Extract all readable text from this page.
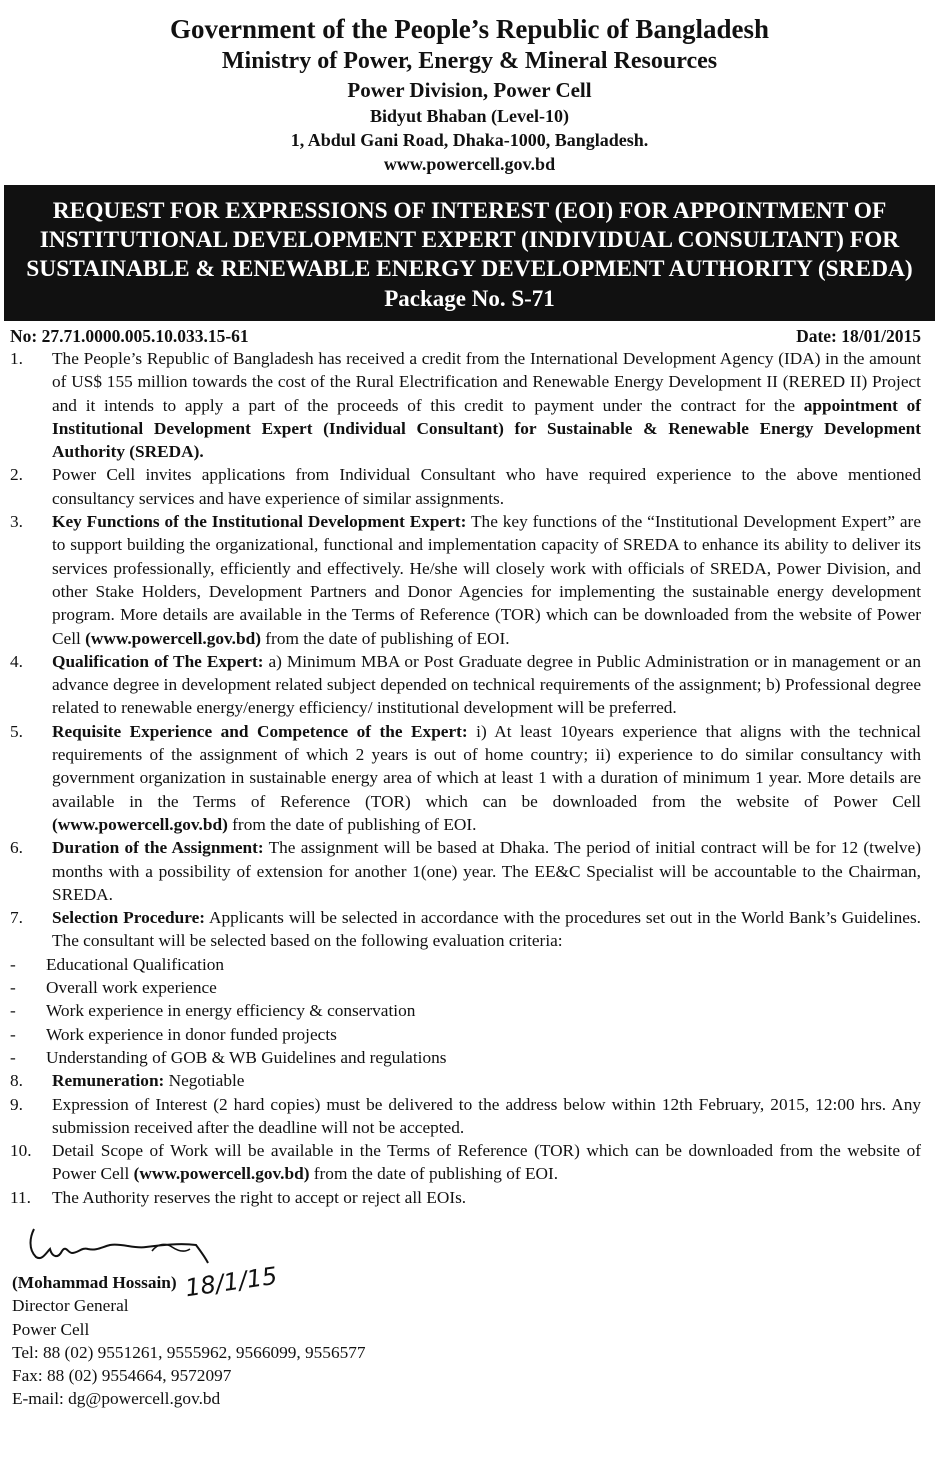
Government of the People’s Republic of Bangladesh
Ministry of Power, Energy & Mineral Resources
Power Division, Power Cell
Bidyut Bhaban (Level-10)
1, Abdul Gani Road, Dhaka-1000, Bangladesh.
www.powercell.gov.bd
REQUEST FOR EXPRESSIONS OF INTEREST (EOI) FOR APPOINTMENT OF
INSTITUTIONAL DEVELOPMENT EXPERT (INDIVIDUAL CONSULTANT) FOR
SUSTAINABLE & RENEWABLE ENERGY DEVELOPMENT AUTHORITY (SREDA)
Package No. S-71
No: 27.71.0000.005.10.033.15-61	Date: 18/01/2015
1.	The People’s Republic of Bangladesh has received a credit from the International Development Agency (IDA) in the amount of US$ 155 million towards the cost of the Rural Electrification and Renewable Energy Development II (RERED II) Project and it intends to apply a part of the proceeds of this credit to payment under the contract for the appointment of Institutional Development Expert (Individual Consultant) for Sustainable & Renewable Energy Development Authority (SREDA).
2.	Power Cell invites applications from Individual Consultant who have required experience to the above mentioned consultancy services and have experience of similar assignments.
3.	Key Functions of the Institutional Development Expert: The key functions of the “Institutional Development Expert” are to support building the organizational, functional and implementation capacity of SREDA to enhance its ability to deliver its services professionally, efficiently and effectively. He/she will closely work with officials of SREDA, Power Division, and other Stake Holders, Development Partners and Donor Agencies for implementing the sustainable energy development program. More details are available in the Terms of Reference (TOR) which can be downloaded from the website of Power Cell (www.powercell.gov.bd) from the date of publishing of EOI.
4.	Qualification of The Expert: a) Minimum MBA or Post Graduate degree in Public Administration or in management or an advance degree in development related subject depended on technical requirements of the assignment; b) Professional degree related to renewable energy/energy efficiency/ institutional development will be preferred.
5.	Requisite Experience and Competence of the Expert: i) At least 10years experience that aligns with the technical requirements of the assignment of which 2 years is out of home country; ii) experience to do similar consultancy with government organization in sustainable energy area of which at least 1 with a duration of minimum 1 year. More details are available in the Terms of Reference (TOR) which can be downloaded from the website of Power Cell (www.powercell.gov.bd) from the date of publishing of EOI.
6.	Duration of the Assignment: The assignment will be based at Dhaka. The period of initial contract will be for 12 (twelve) months with a possibility of extension for another 1(one) year. The EE&C Specialist will be accountable to the Chairman, SREDA.
7.	Selection Procedure: Applicants will be selected in accordance with the procedures set out in the World Bank’s Guidelines. The consultant will be selected based on the following evaluation criteria:
-	Educational Qualification
-	Overall work experience
-	Work experience in energy efficiency & conservation
-	Work experience in donor funded projects
-	Understanding of GOB & WB Guidelines and regulations
8.	Remuneration: Negotiable
9.	Expression of Interest (2 hard copies) must be delivered to the address below within 12th February, 2015, 12:00 hrs. Any submission received after the deadline will not be accepted.
10.	Detail Scope of Work will be available in the Terms of Reference (TOR) which can be downloaded from the website of Power Cell (www.powercell.gov.bd) from the date of publishing of EOI.
11.	The Authority reserves the right to accept or reject all EOIs.
(Mohammad Hossain) 18/1/15
Director General
Power Cell
Tel: 88 (02) 9551261, 9555962, 9566099, 9556577
Fax: 88 (02) 9554664, 9572097
E-mail: dg@powercell.gov.bd
